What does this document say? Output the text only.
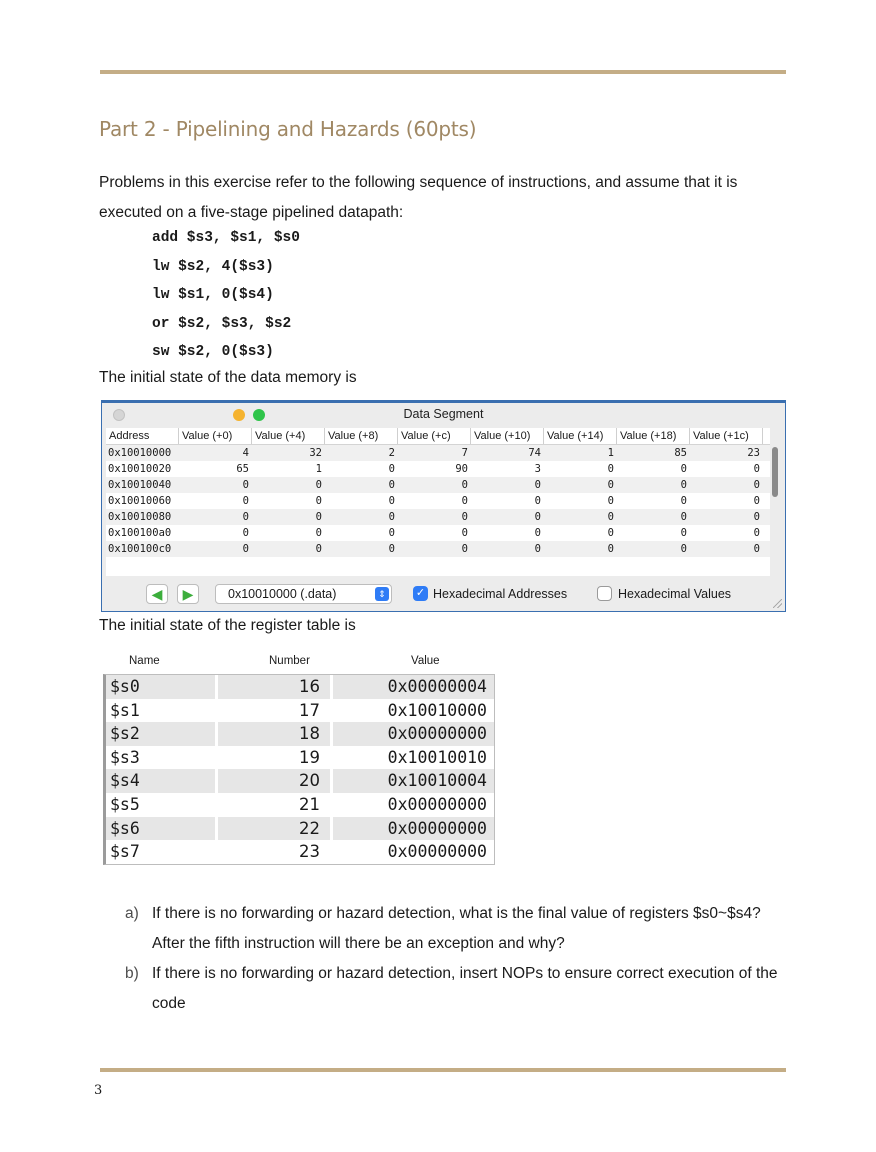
Part 2 - Pipelining and Hazards (60pts)

Problems in this exercise refer to the following sequence of instructions, and assume that it is executed on a five-stage pipelined datapath:

add $s3, $s1, $s0
lw $s2, 4($s3)
lw $s1, 0($s4)
or $s2, $s3, $s2
sw $s2, 0($s3)

The initial state of the data memory is

Data Segment
Address	Value (+0)	Value (+4)	Value (+8)	Value (+c)	Value (+10)	Value (+14)	Value (+18)	Value (+1c)
0x10010000	4	32	2	7	74	1	85	23
0x10010020	65	1	0	90	3	0	0	0
0x10010040	0	0	0	0	0	0	0	0
0x10010060	0	0	0	0	0	0	0	0
0x10010080	0	0	0	0	0	0	0	0
0x100100a0	0	0	0	0	0	0	0	0
0x100100c0	0	0	0	0	0	0	0	0
◀ ▶	0x10010000 (.data)	⇕	✓ Hexadecimal Addresses	Hexadecimal Values

The initial state of the register table is

Name	Number	Value
$s0	16	0x00000004
$s1	17	0x10010000
$s2	18	0x00000000
$s3	19	0x10010010
$s4	20	0x10010004
$s5	21	0x00000000
$s6	22	0x00000000
$s7	23	0x00000000
a) If there is no forwarding or hazard detection, what is the final value of registers $s0~$s4? After the fifth instruction will there be an exception and why?
b) If there is no forwarding or hazard detection, insert NOPs to ensure correct execution of the code
3
